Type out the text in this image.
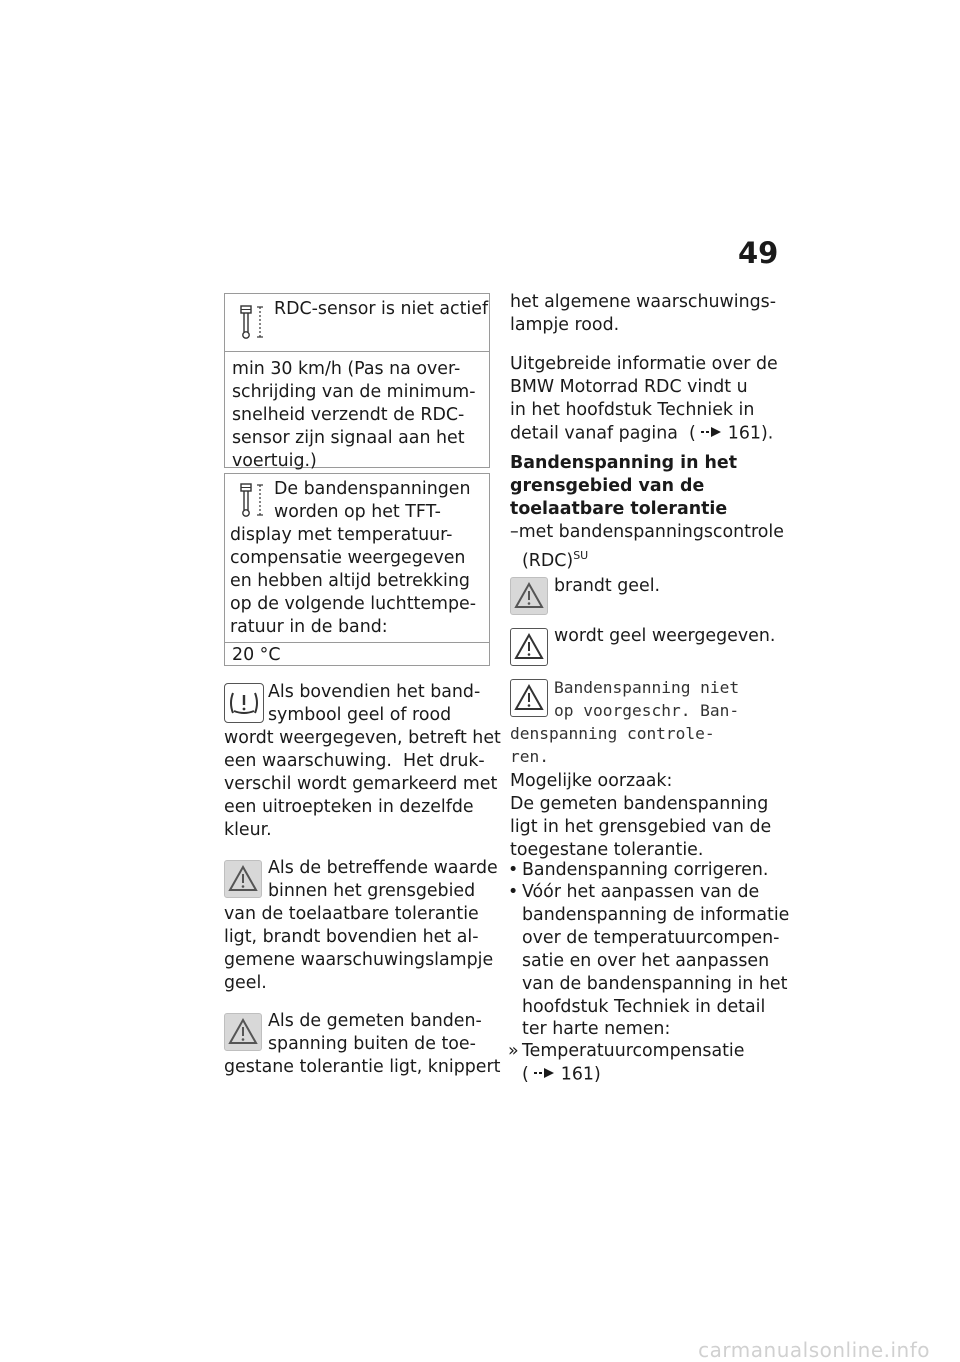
49
RDC-sensor is niet actief
min 30 km/h (Pas na over-
schrijding van de minimum-
snelheid verzendt de RDC-
sensor zijn signaal aan het
voertuig.)
De bandenspanningen
worden op het TFT-
display met temperatuur-
compensatie weergegeven
en hebben altijd betrekking
op de volgende luchttempe-
ratuur in de band:
20 °C
Als bovendien het band-
symbool geel of rood
wordt weergegeven, betreft het
een waarschuwing.  Het druk-
verschil wordt gemarkeerd met
een uitroepteken in dezelfde
kleur.
Als de betreffende waarde
binnen het grensgebied
van de toelaatbare tolerantie
ligt, brandt bovendien het al-
gemene waarschuwingslampje
geel.
Als de gemeten banden-
spanning buiten de toe-
gestane tolerantie ligt, knippert
het algemene waarschuwings-
lampje rood.
Uitgebreide informatie over de
BMW Motorrad RDC vindt u
in het hoofdstuk Techniek in
detail vanaf pagina  ( 161).
Bandenspanning in het
grensgebied van de
toelaatbare tolerantie
–met bandenspanningscontrole
(RDC)$^{SU}$
brandt geel.
wordt geel weergegeven.
Bandenspanning niet
op voorgeschr. Ban-
denspanning controle-
ren.
Mogelijke oorzaak:
De gemeten bandenspanning
ligt in het grensgebied van de
toegestane tolerantie.
• Bandenspanning corrigeren.
• Vóór het aanpassen van de
bandenspanning de informatie
over de temperatuurcompen-
satie en over het aanpassen
van de bandenspanning in het
hoofdstuk Techniek in detail
ter harte nemen:
» Temperatuurcompensatie
( 161)
carmanualsonline.info
